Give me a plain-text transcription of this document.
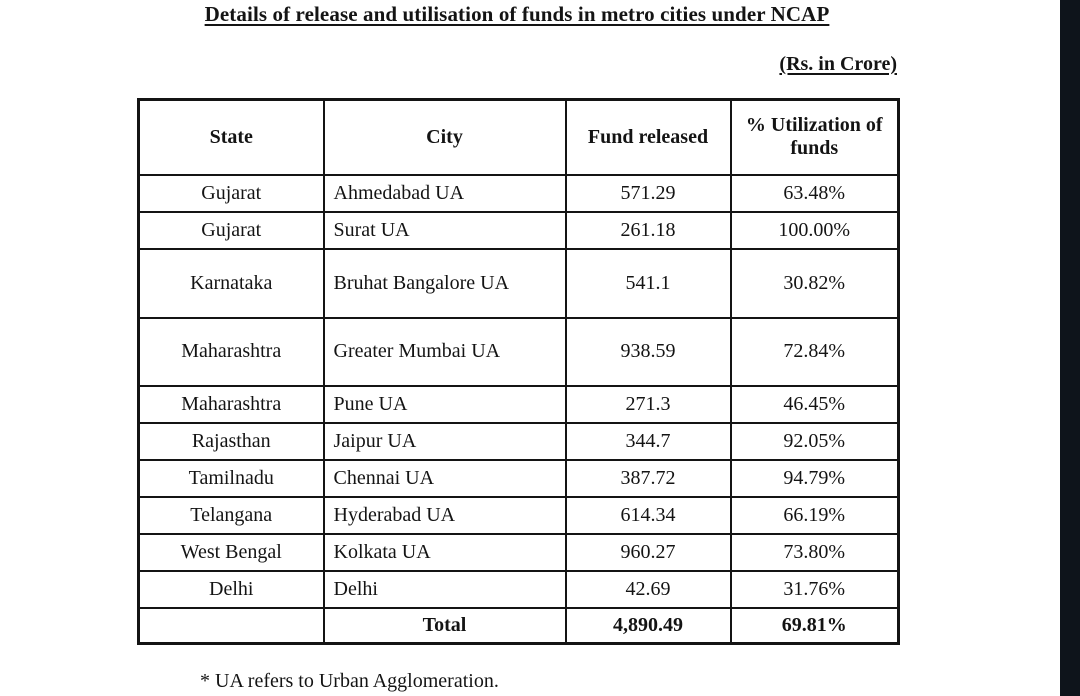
Details of release and utilisation of funds in metro cities under NCAP
(Rs. in Crore)
State	City	Fund released	% Utilization of funds
Gujarat	Ahmedabad UA	571.29	63.48%
Gujarat	Surat UA	261.18	100.00%
Karnataka	Bruhat Bangalore UA	541.1	30.82%
Maharashtra	Greater Mumbai UA	938.59	72.84%
Maharashtra	Pune UA	271.3	46.45%
Rajasthan	Jaipur UA	344.7	92.05%
Tamilnadu	Chennai UA	387.72	94.79%
Telangana	Hyderabad UA	614.34	66.19%
West Bengal	Kolkata UA	960.27	73.80%
Delhi	Delhi	42.69	31.76%
	Total	4,890.49	69.81%
* UA refers to Urban Agglomeration.
